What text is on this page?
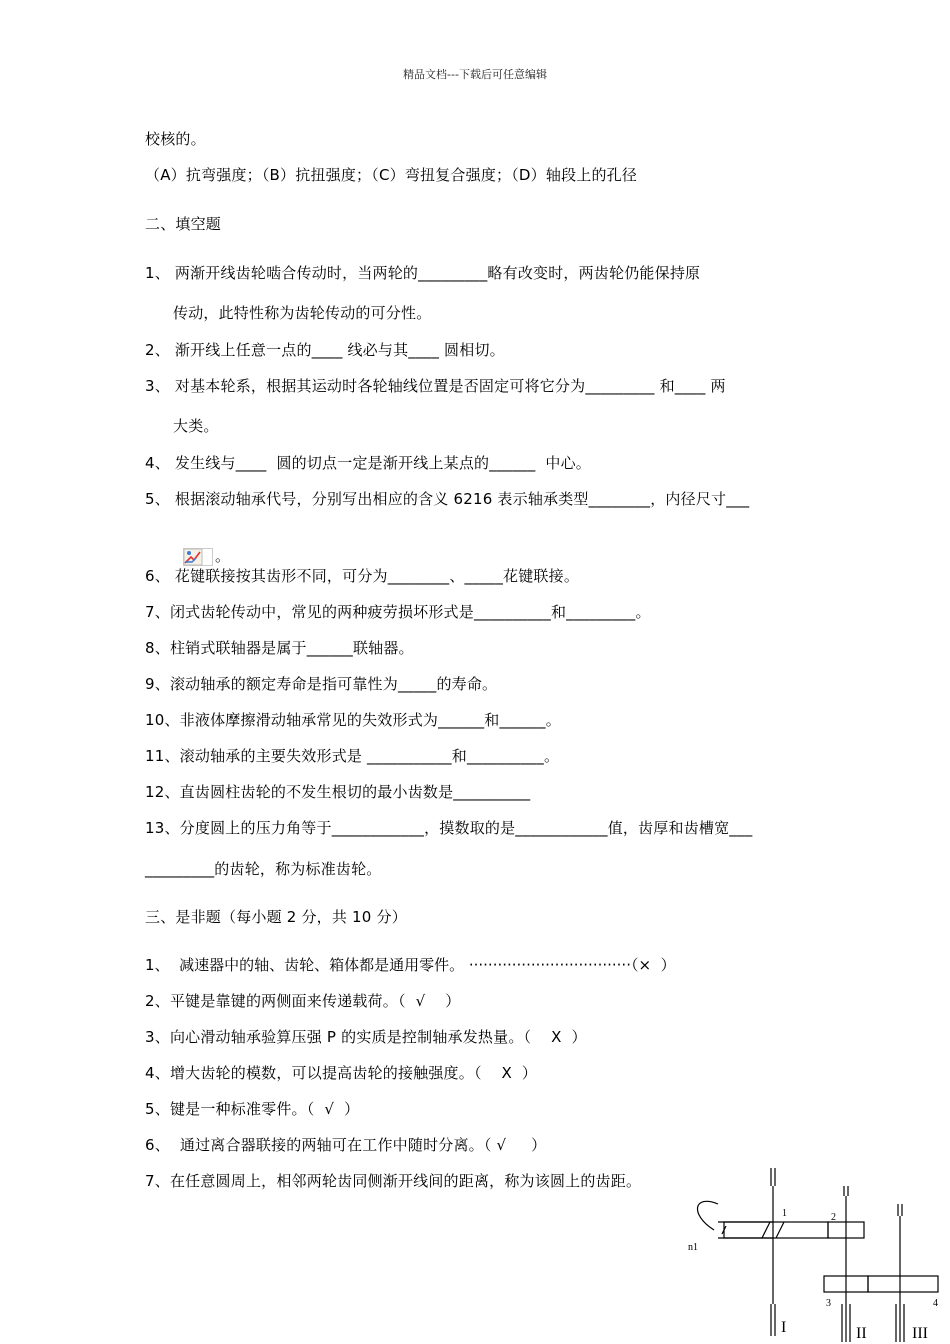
精品文档---下载后可任意编辑
校核的。
（A）抗弯强度；（B）抗扭强度；（C）弯扭复合强度；（D）轴段上的孔径
二、填空题
1、 两渐开线齿轮啮合传动时，当两轮的_________略有改变时，两齿轮仍能保持原
传动，此特性称为齿轮传动的可分性。
2、 渐开线上任意一点的____ 线必与其____ 圆相切。
3、 对基本轮系，根据其运动时各轮轴线位置是否固定可将它分为_________ 和____ 两
大类。
4、 发生线与____  圆的切点一定是渐开线上某点的______  中心。
5、 根据滚动轴承代号，分别写出相应的含义 6216 表示轴承类型________，内径尺寸___

。

6、 花键联接按其齿形不同，可分为________、_____花键联接。
7、闭式齿轮传动中，常见的两种疲劳损坏形式是__________和_________。
8、柱销式联轴器是属于______联轴器。
9、滚动轴承的额定寿命是指可靠性为_____的寿命。
10、非液体摩擦滑动轴承常见的失效形式为______和______。
11、滚动轴承的主要失效形式是 ___________和__________。
12、直齿圆柱齿轮的不发生根切的最小齿数是__________
13、分度圆上的压力角等于____________，摸数取的是____________值，齿厚和齿槽宽___
_________的齿轮，称为标准齿轮。
三、是非题（每小题 2 分，共 10 分）
1、  减速器中的轴、齿轮、箱体都是通用零件。 ··································（×  ）
2、平键是靠键的两侧面来传递载荷。（  √    ）
3、向心滑动轴承验算压强 P 的实质是控制轴承发热量。（    X  ）
4、增大齿轮的模数，可以提高齿轮的接触强度。（    X  ）
5、键是一种标准零件。（  √  ）
6、  通过离合器联接的两轴可在工作中随时分离。（ √     ）
7、在任意圆周上，相邻两轮齿同侧渐开线间的距离，称为该圆上的齿距。
1	2
3	4
n1
I	II	III
